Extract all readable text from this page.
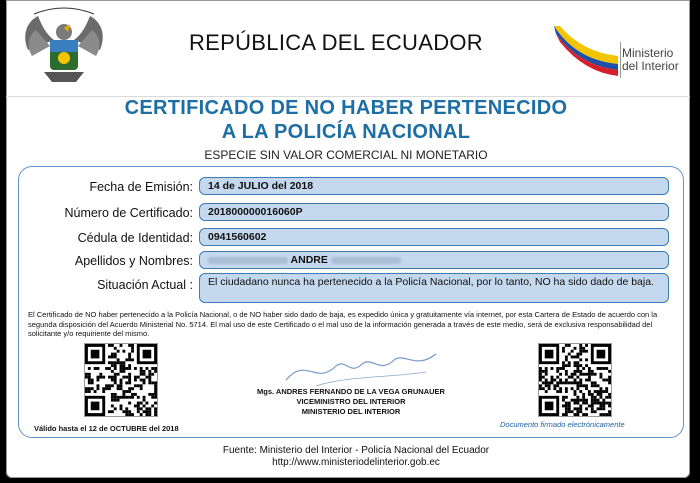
REPÚBLICA DEL ECUADOR	Ministerio
del Interior
CERTIFICADO DE NO HABER PERTENECIDO
A LA POLICÍA NACIONAL
ESPECIE SIN VALOR COMERCIAL NI MONETARIO
Fecha de Emisión:	14 de JULIO del 2018
Número de Certificado:	201800000016060P
Cédula de Identidad:	0941560602
Apellidos y Nombres:	ANDRE
Situación Actual :	El ciudadano nunca ha pertenecido a la Policía Nacional, por lo tanto, NO ha sido dado de baja.
El Certificado de NO haber pertenecido a la Policía Nacional, o de NO haber sido dado de baja, es expedido única y gratuitamente vía internet, por esta Cartera de Estado de acuerdo con la segunda disposición del Acuerdo Ministerial No. 5714. El mal uso de este Certificado o el mal uso de la información generada a través de este medio, será de exclusiva responsabilidad del solicitante y/o requiriente del mismo.
Válido hasta el 12 de OCTUBRE del 2018
Mgs. ANDRES FERNANDO DE LA VEGA GRUNAUER
VICEMINISTRO DEL INTERIOR
MINISTERIO DEL INTERIOR
Documento firmado electrónicamente
Fuente: Ministerio del Interior - Policía Nacional del Ecuador
http://www.ministeriodelinterior.gob.ec
